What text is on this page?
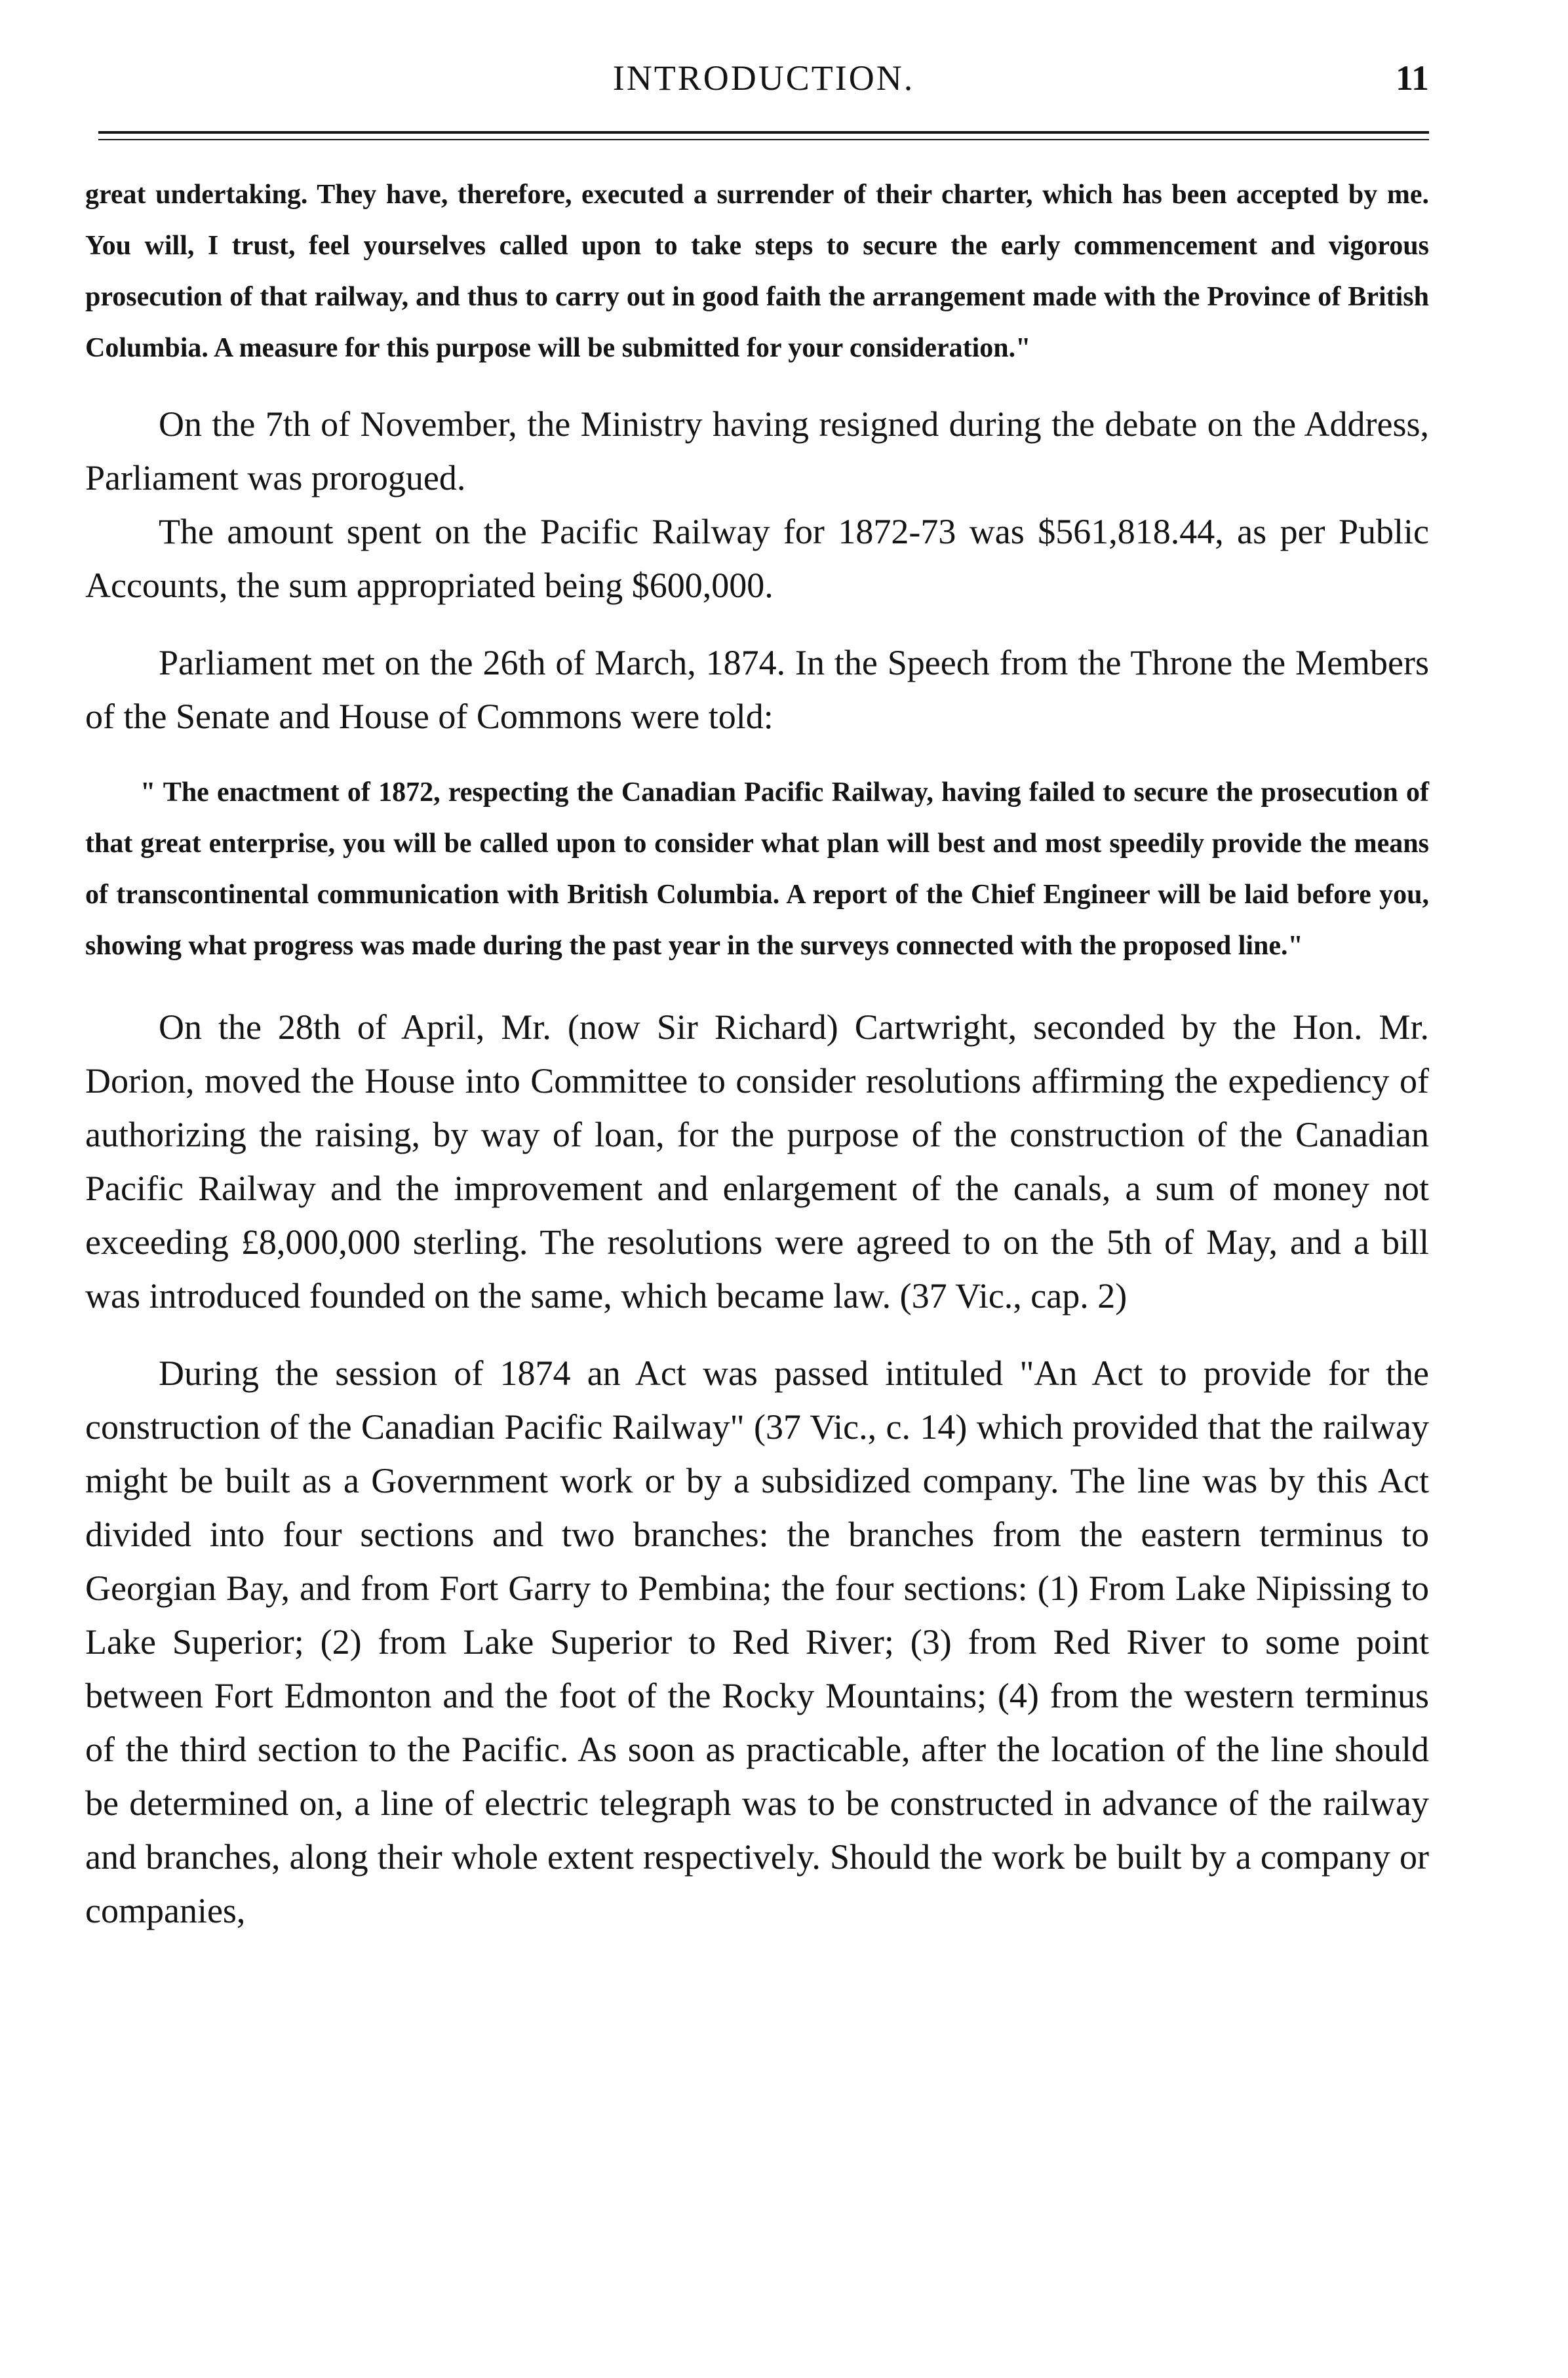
INTRODUCTION.	11

great undertaking. They have, therefore, executed a surrender of their charter, which has been accepted by me. You will, I trust, feel yourselves called upon to take steps to secure the early commencement and vigorous prosecution of that railway, and thus to carry out in good faith the arrangement made with the Province of British Columbia. A measure for this purpose will be submitted for your consideration."

On the 7th of November, the Ministry having resigned during the debate on the Address, Parliament was prorogued.

The amount spent on the Pacific Railway for 1872-73 was $561,818.44, as per Public Accounts, the sum appropriated being $600,000.

Parliament met on the 26th of March, 1874. In the Speech from the Throne the Members of the Senate and House of Commons were told:

" The enactment of 1872, respecting the Canadian Pacific Railway, having failed to secure the prosecution of that great enterprise, you will be called upon to consider what plan will best and most speedily provide the means of transcontinental communication with British Columbia. A report of the Chief Engineer will be laid before you, showing what progress was made during the past year in the surveys connected with the proposed line."

On the 28th of April, Mr. (now Sir Richard) Cartwright, seconded by the Hon. Mr. Dorion, moved the House into Committee to consider resolutions affirming the expediency of authorizing the raising, by way of loan, for the purpose of the construction of the Canadian Pacific Railway and the improvement and enlargement of the canals, a sum of money not exceeding £8,000,000 sterling. The resolutions were agreed to on the 5th of May, and a bill was introduced founded on the same, which became law. (37 Vic., cap. 2)

During the session of 1874 an Act was passed intituled "An Act to provide for the construction of the Canadian Pacific Railway" (37 Vic., c. 14) which provided that the railway might be built as a Government work or by a subsidized company. The line was by this Act divided into four sections and two branches: the branches from the eastern terminus to Georgian Bay, and from Fort Garry to Pembina; the four sections: (1) From Lake Nipissing to Lake Superior; (2) from Lake Superior to Red River; (3) from Red River to some point between Fort Edmonton and the foot of the Rocky Mountains; (4) from the western terminus of the third section to the Pacific. As soon as practicable, after the location of the line should be determined on, a line of electric telegraph was to be constructed in advance of the railway and branches, along their whole extent respectively. Should the work be built by a company or companies,
